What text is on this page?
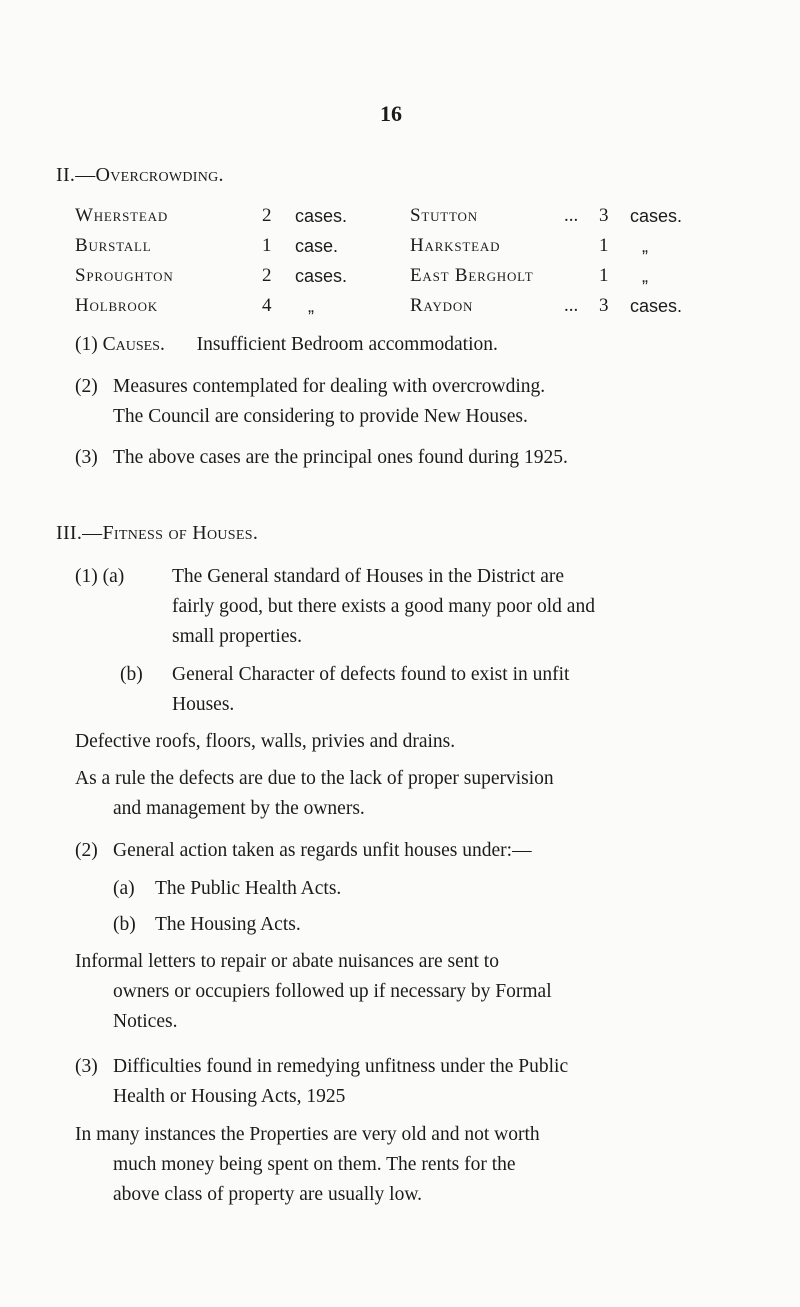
16
II.—Overcrowding.
Wherstead	2 cases.	Stutton	... 3 cases.
Burstall	1 case.	Harkstead	1 „
Sproughton	2 cases.	East Bergholt	1 „
Holbrook	4 „	Raydon	... 3 cases.
(1) Causes. Insufficient Bedroom accommodation.
(2) Measures contemplated for dealing with overcrowding.
The Council are considering to provide New Houses.
(3) The above cases are the principal ones found during 1925.
III.—Fitness of Houses.
(1) (a) The General standard of Houses in the District are
fairly good, but there exists a good many poor old and
small properties.
(b) General Character of defects found to exist in unfit
Houses.
Defective roofs, floors, walls, privies and drains.
As a rule the defects are due to the lack of proper supervision
and management by the owners.
(2) General action taken as regards unfit houses under:—
(a) The Public Health Acts.
(b) The Housing Acts.
Informal letters to repair or abate nuisances are sent to
owners or occupiers followed up if necessary by Formal
Notices.
(3) Difficulties found in remedying unfitness under the Public
Health or Housing Acts, 1925
In many instances the Properties are very old and not worth
much money being spent on them. The rents for the
above class of property are usually low.
